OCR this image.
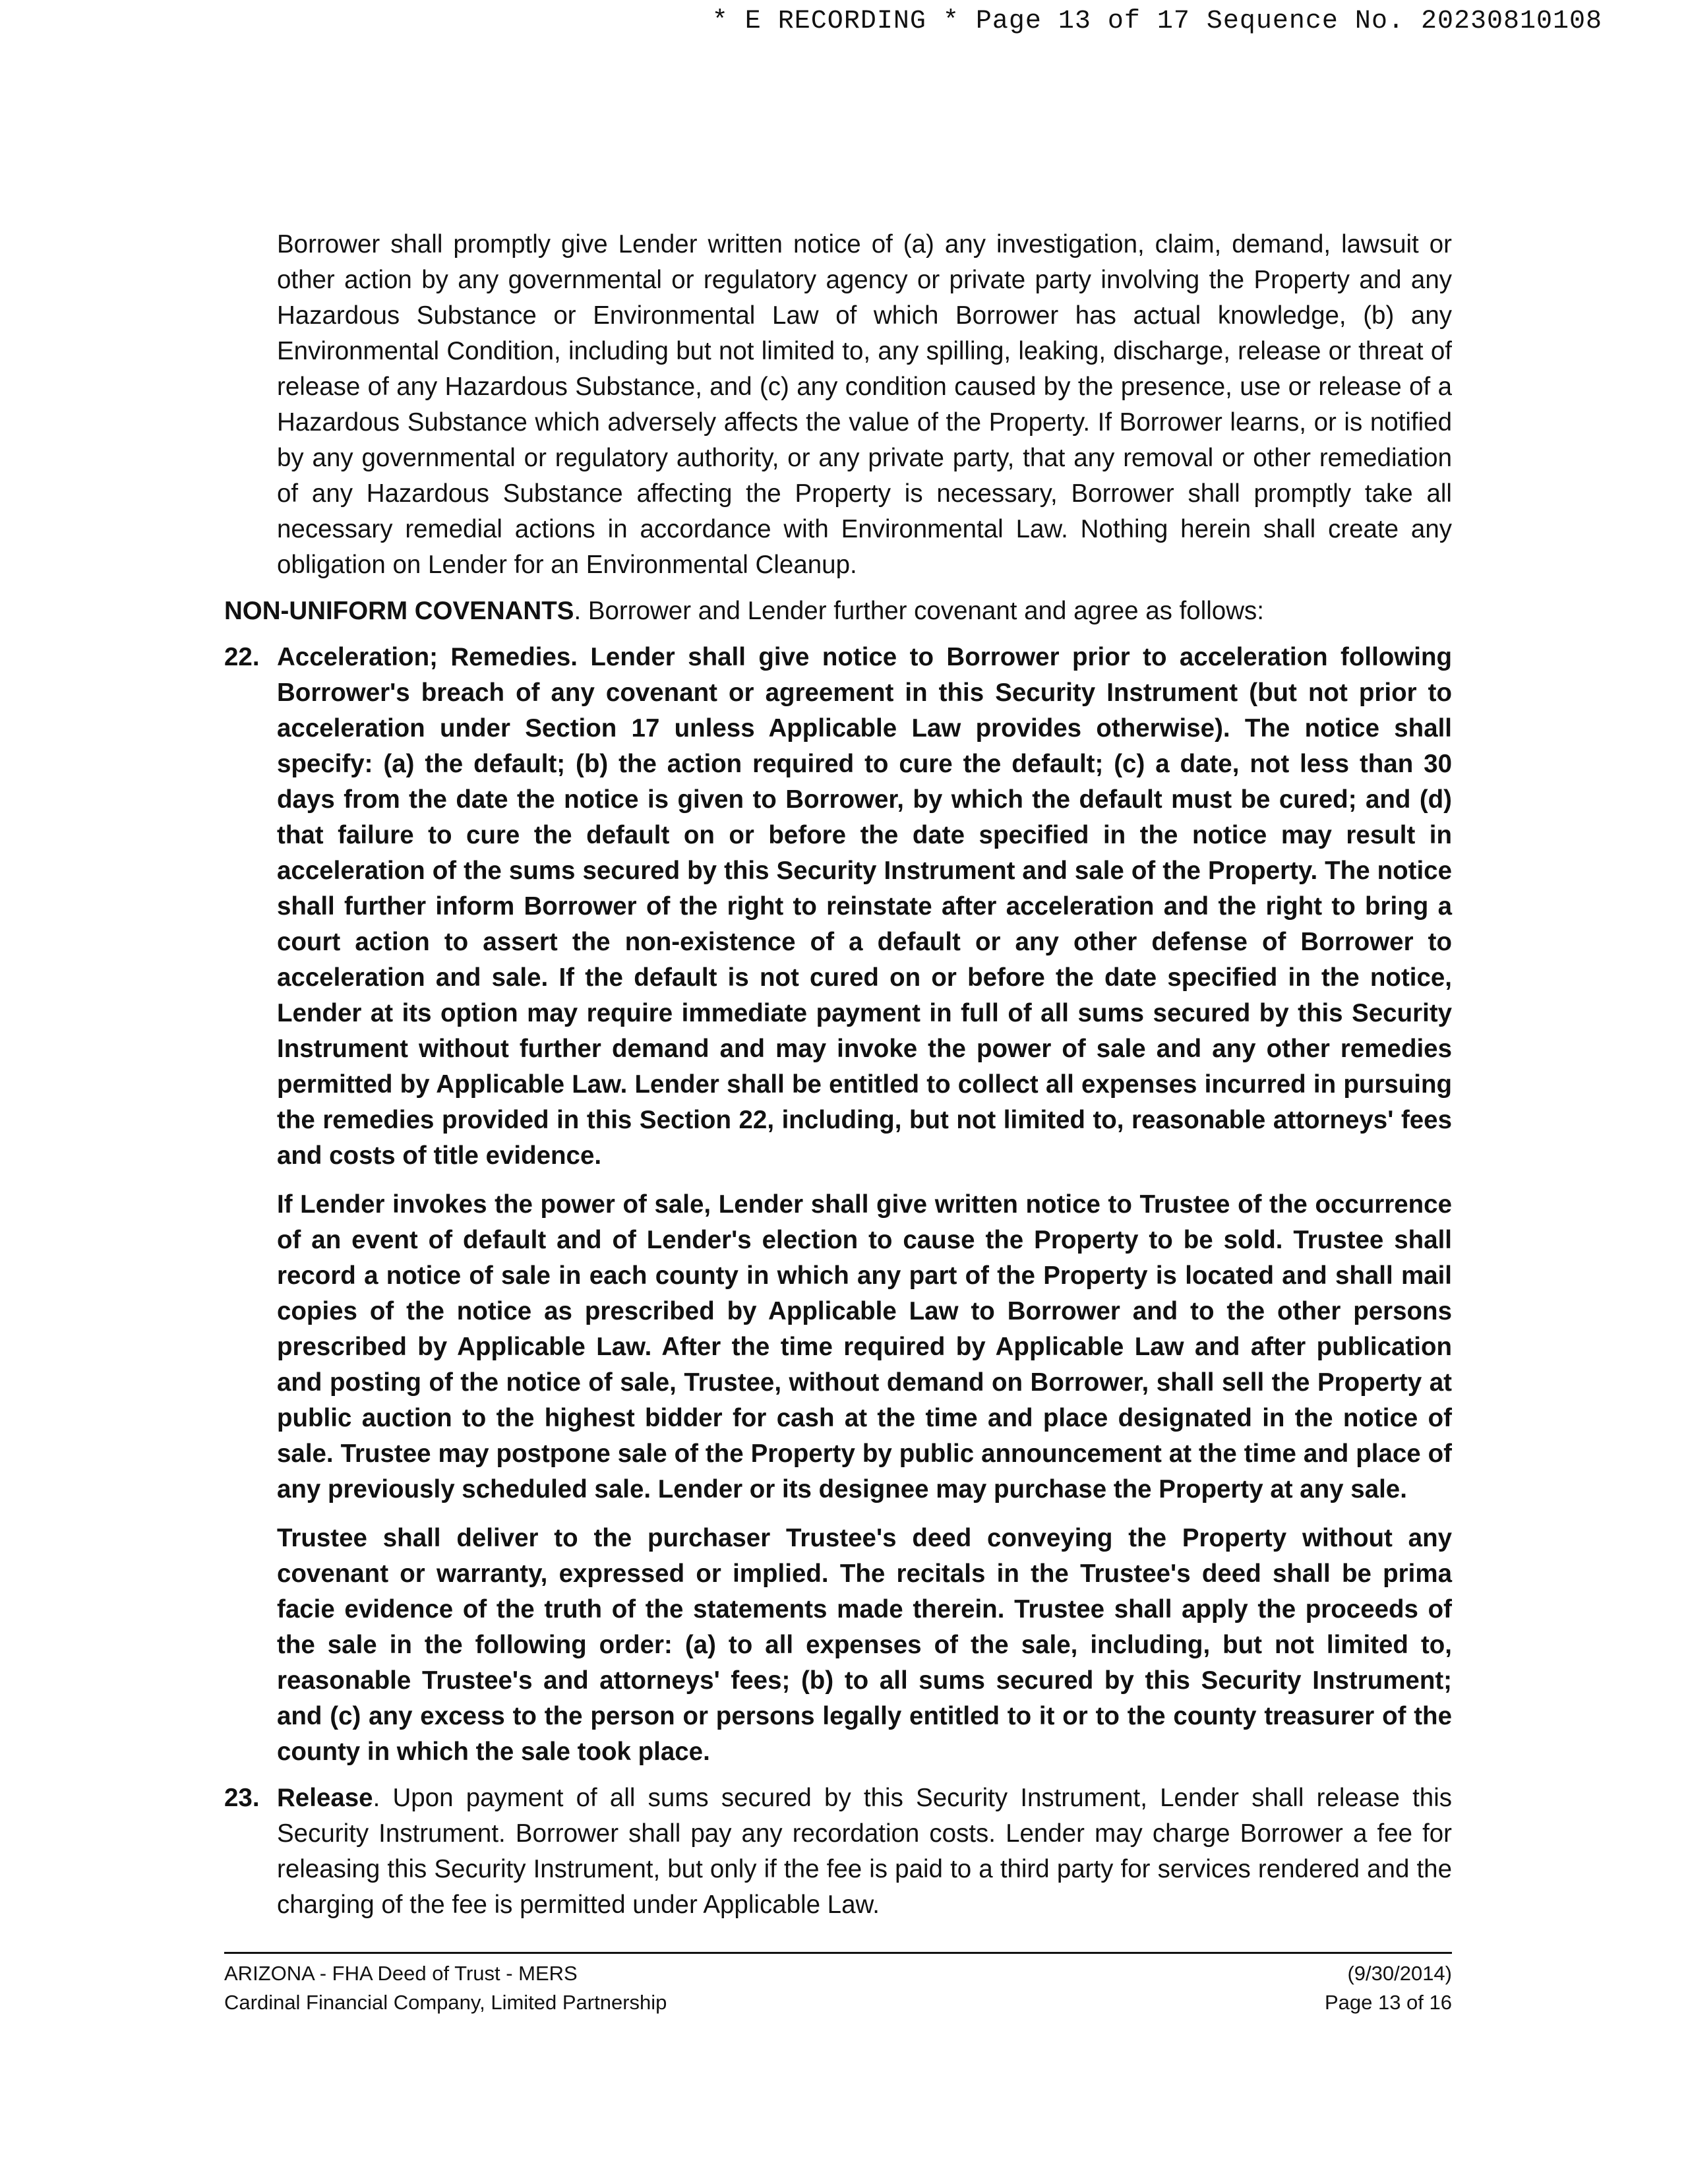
* E RECORDING * Page 13 of 17 Sequence No. 20230810108

Borrower shall promptly give Lender written notice of (a) any investigation, claim, demand, lawsuit or other action by any governmental or regulatory agency or private party involving the Property and any Hazardous Substance or Environmental Law of which Borrower has actual knowledge, (b) any Environmental Condition, including but not limited to, any spilling, leaking, discharge, release or threat of release of any Hazardous Substance, and (c) any condition caused by the presence, use or release of a Hazardous Substance which adversely affects the value of the Property. If Borrower learns, or is notified by any governmental or regulatory authority, or any private party, that any removal or other remediation of any Hazardous Substance affecting the Property is necessary, Borrower shall promptly take all necessary remedial actions in accordance with Environmental Law. Nothing herein shall create any obligation on Lender for an Environmental Cleanup.

NON-UNIFORM COVENANTS. Borrower and Lender further covenant and agree as follows:

22. Acceleration; Remedies. Lender shall give notice to Borrower prior to acceleration following Borrower's breach of any covenant or agreement in this Security Instrument (but not prior to acceleration under Section 17 unless Applicable Law provides otherwise). The notice shall specify: (a) the default; (b) the action required to cure the default; (c) a date, not less than 30 days from the date the notice is given to Borrower, by which the default must be cured; and (d) that failure to cure the default on or before the date specified in the notice may result in acceleration of the sums secured by this Security Instrument and sale of the Property. The notice shall further inform Borrower of the right to reinstate after acceleration and the right to bring a court action to assert the non-existence of a default or any other defense of Borrower to acceleration and sale. If the default is not cured on or before the date specified in the notice, Lender at its option may require immediate payment in full of all sums secured by this Security Instrument without further demand and may invoke the power of sale and any other remedies permitted by Applicable Law. Lender shall be entitled to collect all expenses incurred in pursuing the remedies provided in this Section 22, including, but not limited to, reasonable attorneys' fees and costs of title evidence.

If Lender invokes the power of sale, Lender shall give written notice to Trustee of the occurrence of an event of default and of Lender's election to cause the Property to be sold. Trustee shall record a notice of sale in each county in which any part of the Property is located and shall mail copies of the notice as prescribed by Applicable Law to Borrower and to the other persons prescribed by Applicable Law. After the time required by Applicable Law and after publication and posting of the notice of sale, Trustee, without demand on Borrower, shall sell the Property at public auction to the highest bidder for cash at the time and place designated in the notice of sale. Trustee may postpone sale of the Property by public announcement at the time and place of any previously scheduled sale. Lender or its designee may purchase the Property at any sale.

Trustee shall deliver to the purchaser Trustee's deed conveying the Property without any covenant or warranty, expressed or implied. The recitals in the Trustee's deed shall be prima facie evidence of the truth of the statements made therein. Trustee shall apply the proceeds of the sale in the following order: (a) to all expenses of the sale, including, but not limited to, reasonable Trustee's and attorneys' fees; (b) to all sums secured by this Security Instrument; and (c) any excess to the person or persons legally entitled to it or to the county treasurer of the county in which the sale took place.

23. Release. Upon payment of all sums secured by this Security Instrument, Lender shall release this Security Instrument. Borrower shall pay any recordation costs. Lender may charge Borrower a fee for releasing this Security Instrument, but only if the fee is paid to a third party for services rendered and the charging of the fee is permitted under Applicable Law.

ARIZONA - FHA Deed of Trust - MERS
Cardinal Financial Company, Limited Partnership
(9/30/2014)
Page 13 of 16
